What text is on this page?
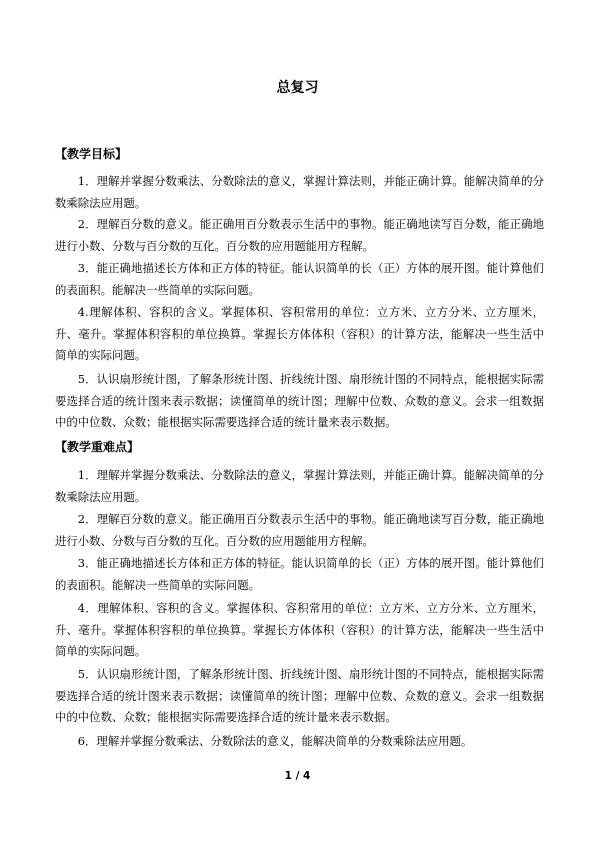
总复习
【教学目标】
1．理解并掌握分数乘法、分数除法的意义，掌握计算法则，并能正确计算。能解决简单的分数乘除法应用题。
2．理解百分数的意义。能正确用百分数表示生活中的事物。能正确地读写百分数，能正确地进行小数、分数与百分数的互化。百分数的应用题能用方程解。
3．能正确地描述长方体和正方体的特征。能认识简单的长（正）方体的展开图。能计算他们的表面积。能解决一些简单的实际问题。
4.理解体积、容积的含义。掌握体积、容积常用的单位：立方米、立方分米、立方厘米，升、毫升。掌握体积容积的单位换算。掌握长方体体积（容积）的计算方法，能解决一些生活中简单的实际问题。
5．认识扇形统计图，了解条形统计图、折线统计图、扇形统计图的不同特点，能根据实际需要选择合适的统计图来表示数据；读懂简单的统计图；理解中位数、众数的意义。会求一组数据中的中位数、众数；能根据实际需要选择合适的统计量来表示数据。
【教学重难点】
1．理解并掌握分数乘法、分数除法的意义，掌握计算法则，并能正确计算。能解决简单的分数乘除法应用题。
2．理解百分数的意义。能正确用百分数表示生活中的事物。能正确地读写百分数，能正确地进行小数、分数与百分数的互化。百分数的应用题能用方程解。
3．能正确地描述长方体和正方体的特征。能认识简单的长（正）方体的展开图。能计算他们的表面积。能解决一些简单的实际问题。
4．理解体积、容积的含义。掌握体积、容积常用的单位：立方米、立方分米、立方厘米，升、毫升。掌握体积容积的单位换算。掌握长方体体积（容积）的计算方法，能解决一些生活中简单的实际问题。
5．认识扇形统计图，了解条形统计图、折线统计图、扇形统计图的不同特点，能根据实际需要选择合适的统计图来表示数据；读懂简单的统计图；理解中位数、众数的意义。会求一组数据中的中位数、众数；能根据实际需要选择合适的统计量来表示数据。
6．理解并掌握分数乘法、分数除法的意义，能解决简单的分数乘除法应用题。
1 / 4
